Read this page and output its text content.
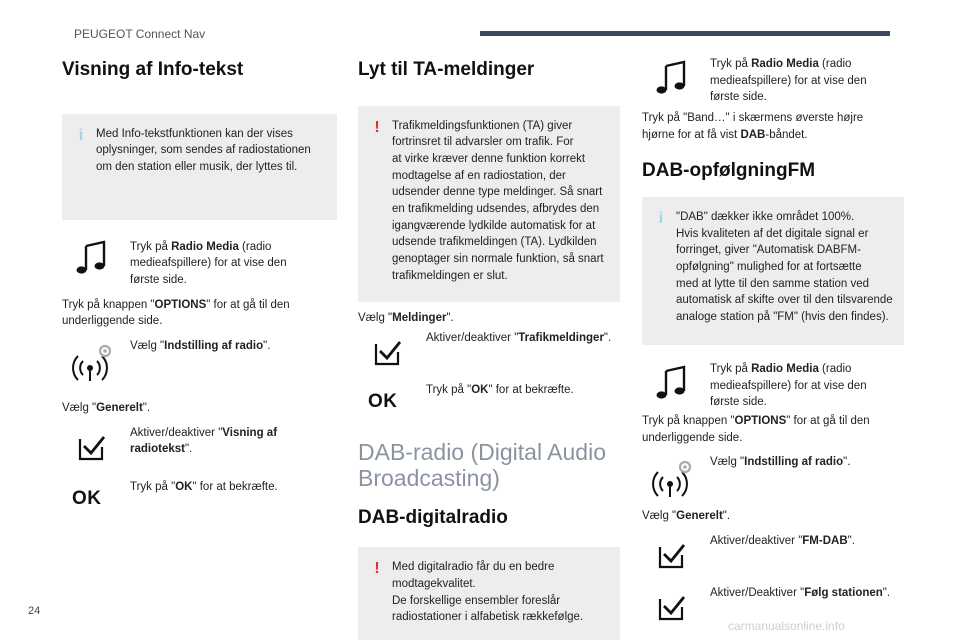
PEUGEOT Connect Nav
Visning af Info-tekst
i	Med Info-tekstfunktionen kan der vises
oplysninger, som sendes af radiostationen
om den station eller musik, der lyttes til.

Tryk på Radio Media (radio
medieafspillere) for at vise den
første side.

Tryk på knappen "OPTIONS" for at gå til den
underliggende side.

Vælg "Indstilling af radio".

Vælg "Generelt".

Aktiver/deaktiver "Visning af
radiotekst".
OK
Tryk på "OK" for at bekræfte.
Lyt til TA-meldinger
!	Trafikmeldingsfunktionen (TA) giver
fortrinsret til advarsler om trafik. For
at virke kræver denne funktion korrekt
modtagelse af en radiostation, der
udsender denne type meldinger. Så snart
en trafikmelding udsendes, afbrydes den
igangværende lydkilde automatisk for at
udsende trafikmeldingen (TA). Lydkilden
genoptager sin normale funktion, så snart
trafikmeldingen er slut.

Vælg "Meldinger".

Aktiver/deaktiver "Trafikmeldinger".
OK
Tryk på "OK" for at bekræfte.
DAB-radio (Digital Audio
Broadcasting)
DAB-digitalradio
!	Med digitalradio får du en bedre
modtagekvalitet.
De forskellige ensembler foreslår
radiostationer i alfabetisk rækkefølge.

Tryk på Radio Media (radio
medieafspillere) for at vise den
første side.

Tryk på "Band…" i skærmens øverste højre
hjørne for at få vist DAB-båndet.

DAB-opfølgningFM
i	"DAB" dækker ikke området 100%.
Hvis kvaliteten af det digitale signal er
forringet, giver "Automatisk DABFM-
opfølgning" mulighed for at fortsætte
med at lytte til den samme station ved
automatisk af skifte over til den tilsvarende
analoge station på "FM" (hvis den findes).

Tryk på Radio Media (radio
medieafspillere) for at vise den
første side.

Tryk på knappen "OPTIONS" for at gå til den
underliggende side.

Vælg "Indstilling af radio".

Vælg "Generelt".

Aktiver/deaktiver "FM-DAB".
Aktiver/Deaktiver "Følg stationen".
24
carmanualsonline.info
